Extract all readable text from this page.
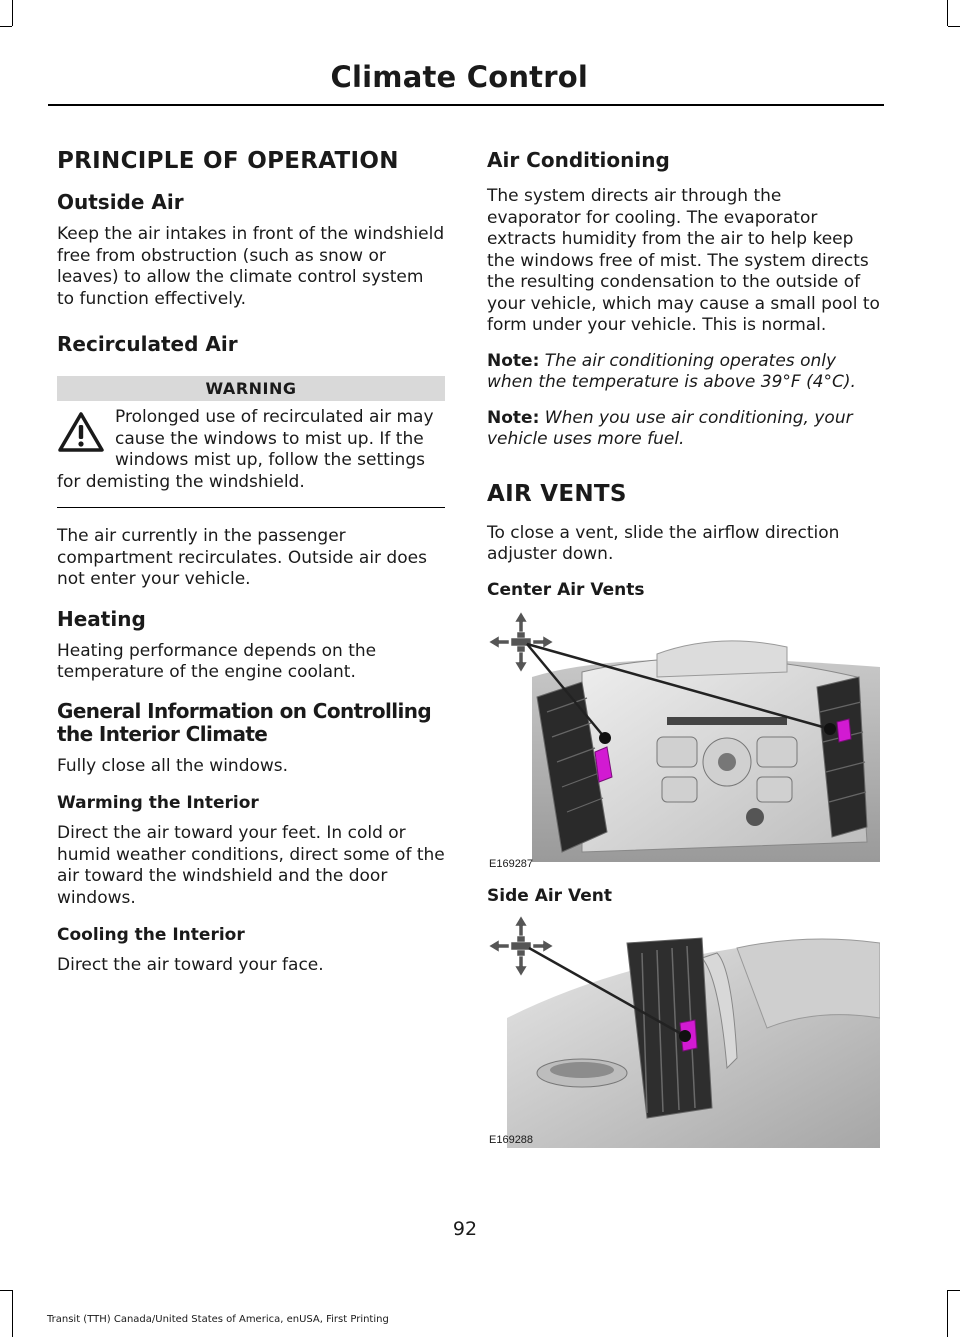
Climate Control
PRINCIPLE OF OPERATION
Outside Air

Keep the air intakes in front of the windshield free from obstruction (such as snow or leaves) to allow the climate control system to function effectively.

Recirculated Air
WARNING
Prolonged use of recirculated air may cause the windows to mist up. If the windows mist up, follow the settings for demisting the windshield.

The air currently in the passenger compartment recirculates. Outside air does not enter your vehicle.

Heating

Heating performance depends on the temperature of the engine coolant.

General Information on Controlling the Interior Climate

Fully close all the windows.

Warming the Interior

Direct the air toward your feet. In cold or humid weather conditions, direct some of the air toward the windshield and the door windows.

Cooling the Interior

Direct the air toward your face.

Air Conditioning

The system directs air through the evaporator for cooling. The evaporator extracts humidity from the air to help keep the windows free of mist. The system directs the resulting condensation to the outside of your vehicle, which may cause a small pool to form under your vehicle. This is normal.

Note: The air conditioning operates only when the temperature is above 39°F (4°C).

Note: When you use air conditioning, your vehicle uses more fuel.

AIR VENTS

To close a vent, slide the airflow direction adjuster down.

Center Air Vents
E169287
Side Air Vent
E169288
92
Transit (TTH) Canada/United States of America, enUSA, First Printing
